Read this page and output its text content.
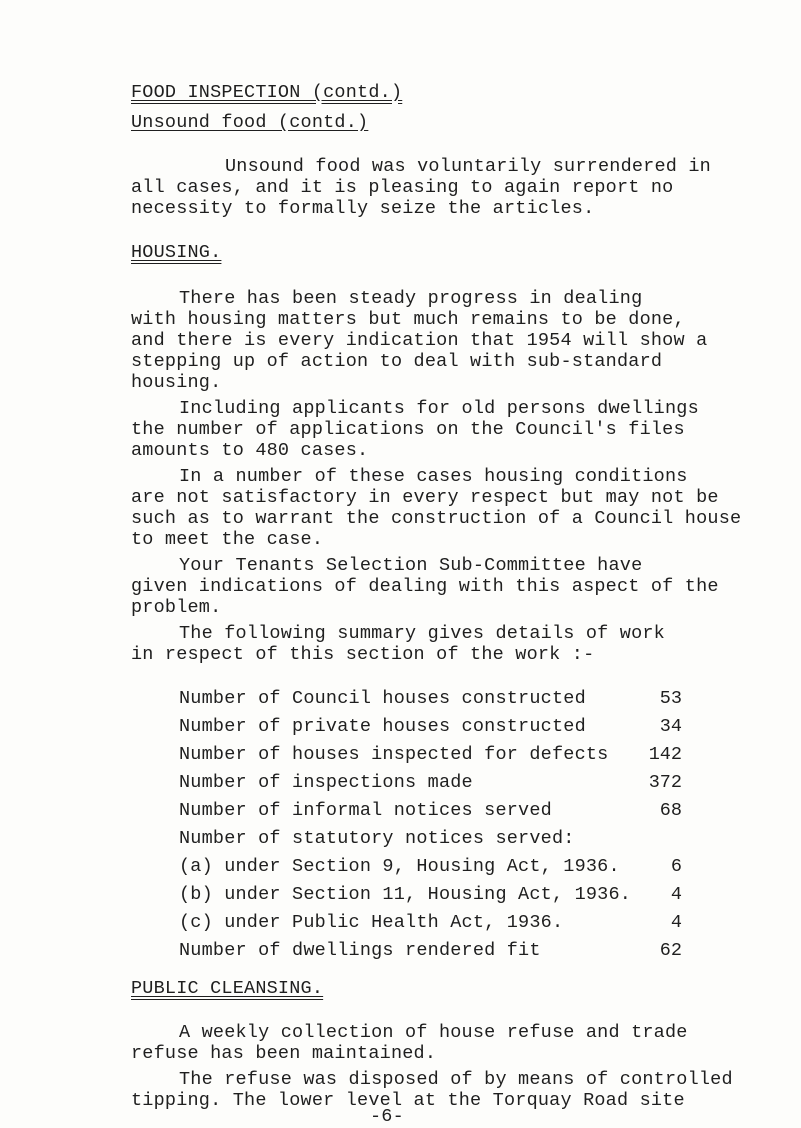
FOOD INSPECTION (contd.)
Unsound food (contd.)
Unsound food was voluntarily surrendered in
all cases, and it is pleasing to again report no
necessity to formally seize the articles.
HOUSING.
There has been steady progress in dealing
with housing matters but much remains to be done,
and there is every indication that 1954 will show a
stepping up of action to deal with sub-standard
housing.
Including applicants for old persons dwellings
the number of applications on the Council's files
amounts to 480 cases.
In a number of these cases housing conditions
are not satisfactory in every respect but may not be
such as to warrant the construction of a Council house
to meet the case.
Your Tenants Selection Sub-Committee have
given indications of dealing with this aspect of the
problem.
The following summary gives details of work
in respect of this section of the work :-
Number of Council houses constructed	53
Number of private houses constructed	34
Number of houses inspected for defects	142
Number of inspections made	372
Number of informal notices served	68
Number of statutory notices served:
(a) under Section 9, Housing Act, 1936.	6
(b) under Section 11, Housing Act, 1936.	4
(c) under Public Health Act, 1936.	4
Number of dwellings rendered fit	62
PUBLIC CLEANSING.
A weekly collection of house refuse and trade
refuse has been maintained.
The refuse was disposed of by means of controlled
tipping. The lower level at the Torquay Road site
-6-
